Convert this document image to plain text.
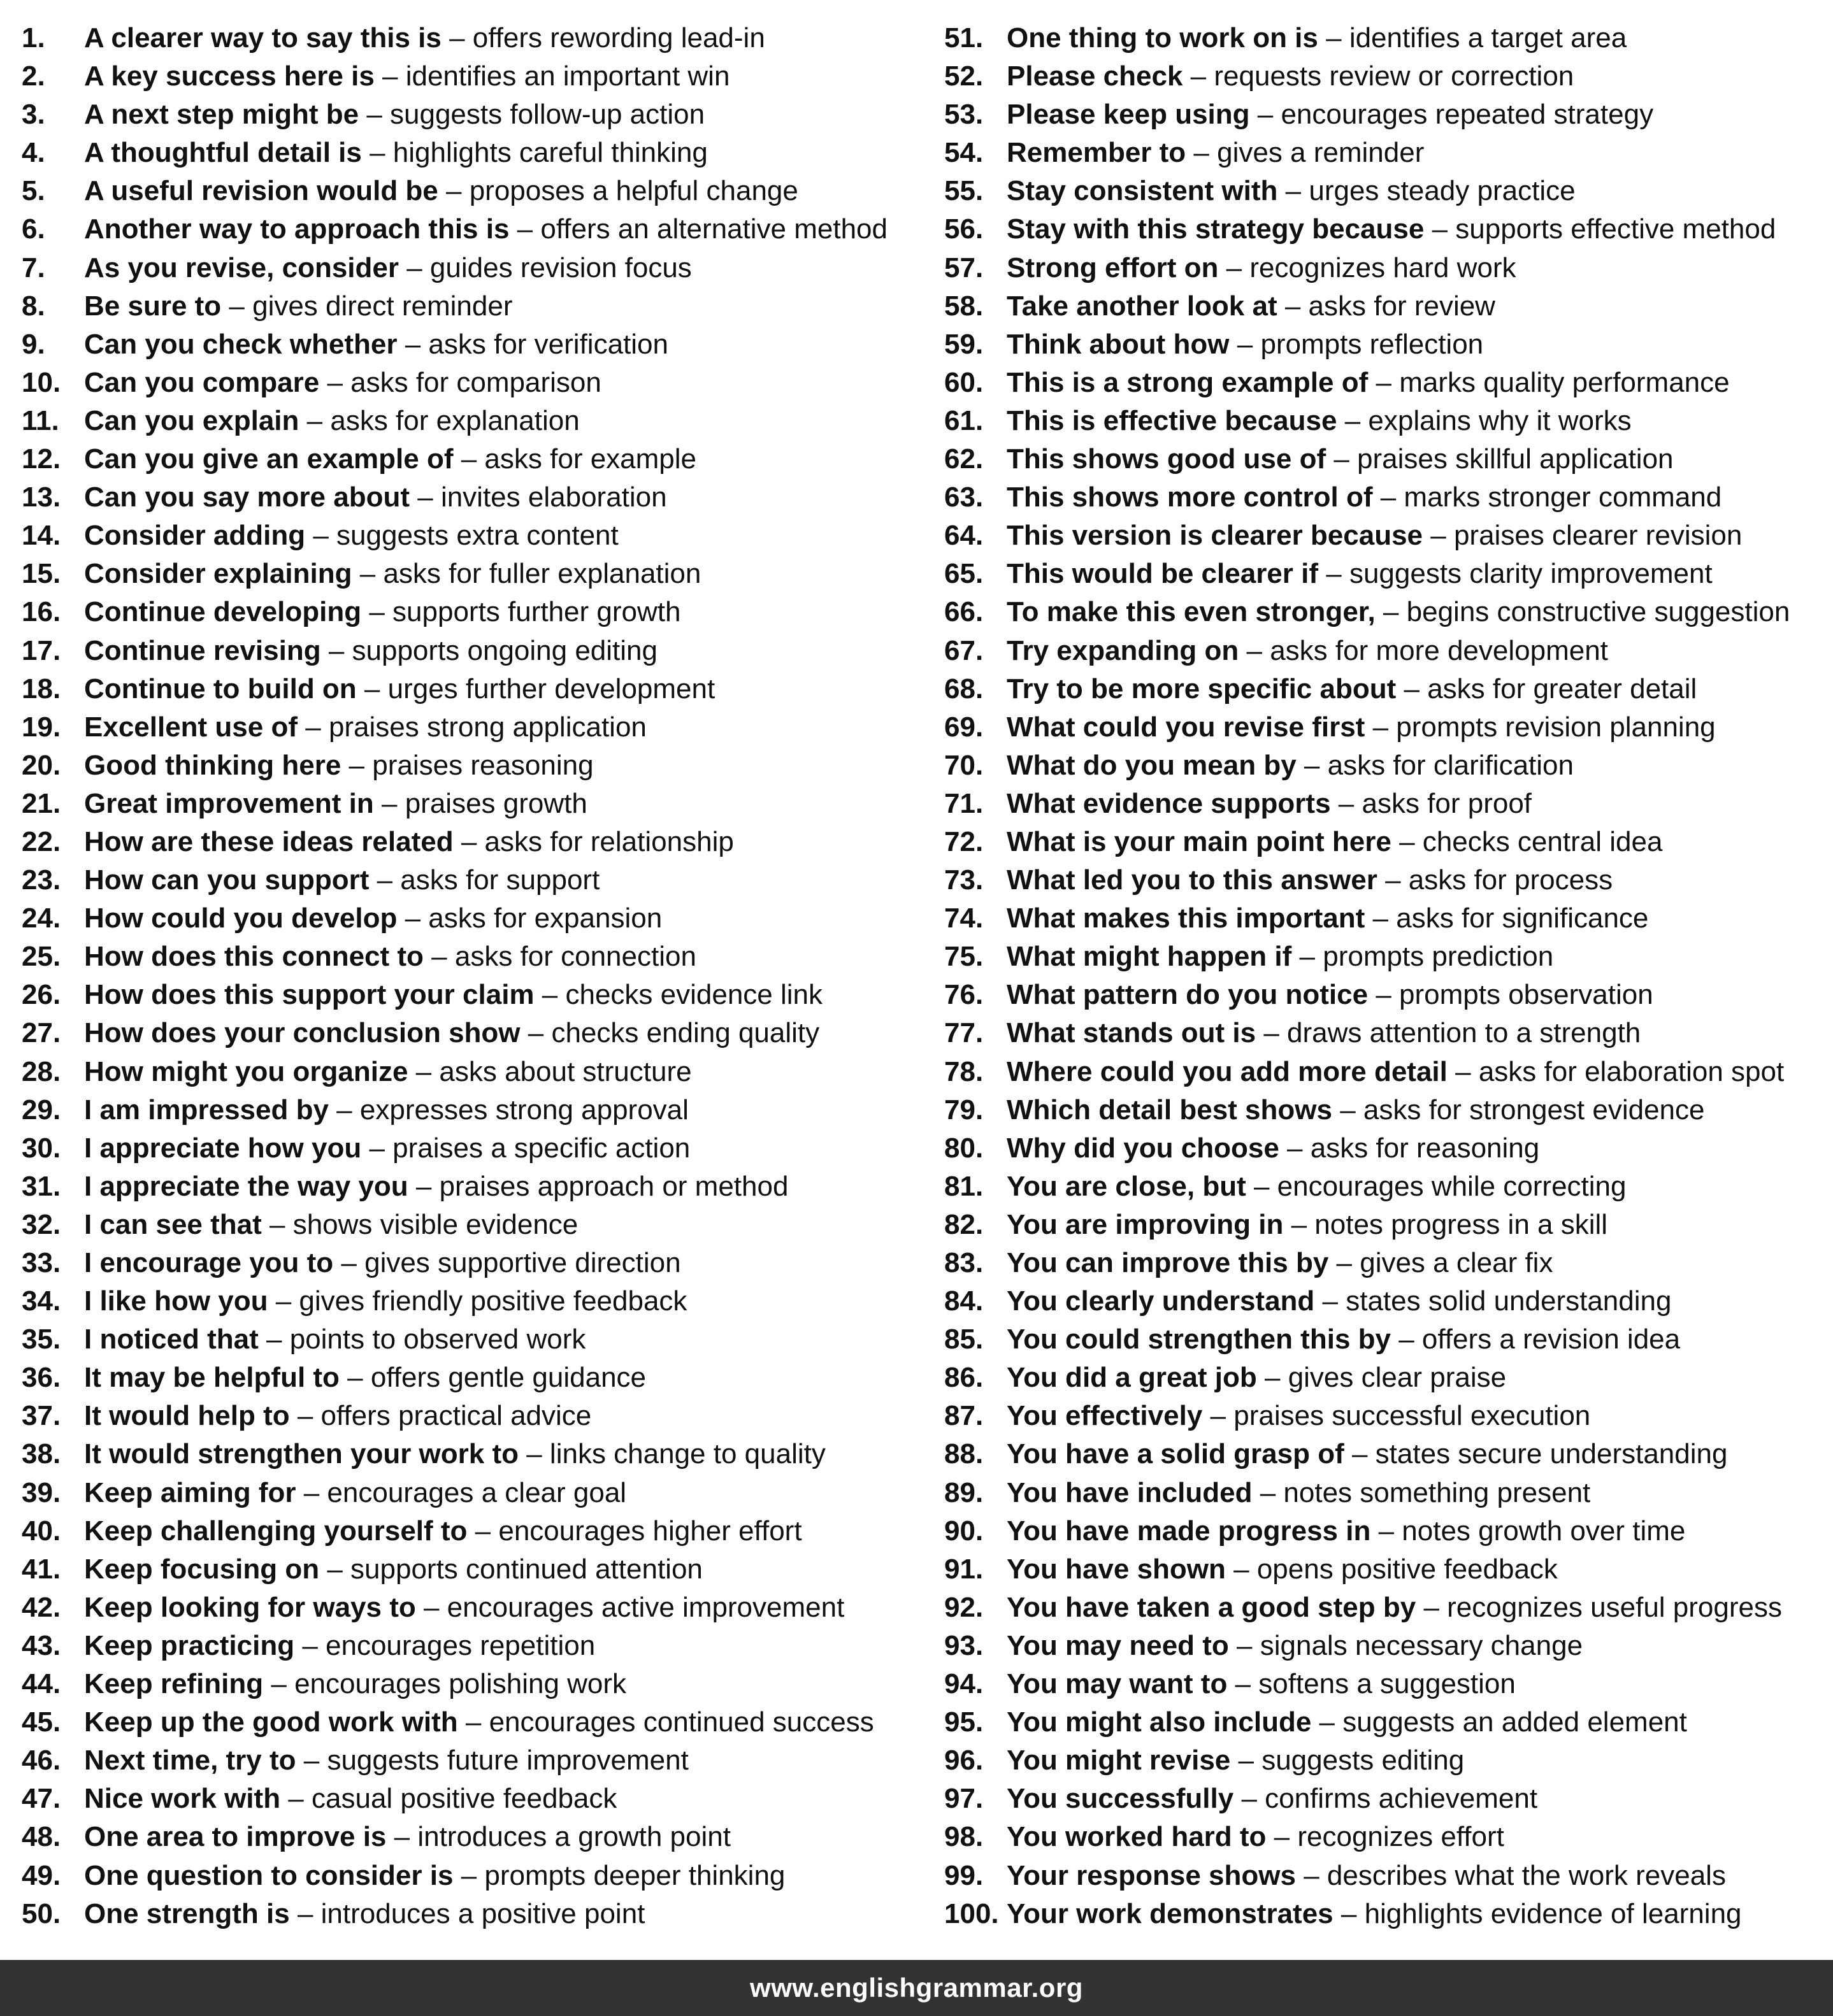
1. A clearer way to say this is – offers rewording lead-in
2. A key success here is – identifies an important win
3. A next step might be – suggests follow-up action
4. A thoughtful detail is – highlights careful thinking
5. A useful revision would be – proposes a helpful change
6. Another way to approach this is – offers an alternative method
7. As you revise, consider – guides revision focus
8. Be sure to – gives direct reminder
9. Can you check whether – asks for verification
10. Can you compare – asks for comparison
11. Can you explain – asks for explanation
12. Can you give an example of – asks for example
13. Can you say more about – invites elaboration
14. Consider adding – suggests extra content
15. Consider explaining – asks for fuller explanation
16. Continue developing – supports further growth
17. Continue revising – supports ongoing editing
18. Continue to build on – urges further development
19. Excellent use of – praises strong application
20. Good thinking here – praises reasoning
21. Great improvement in – praises growth
22. How are these ideas related – asks for relationship
23. How can you support – asks for support
24. How could you develop – asks for expansion
25. How does this connect to – asks for connection
26. How does this support your claim – checks evidence link
27. How does your conclusion show – checks ending quality
28. How might you organize – asks about structure
29. I am impressed by – expresses strong approval
30. I appreciate how you – praises a specific action
31. I appreciate the way you – praises approach or method
32. I can see that – shows visible evidence
33. I encourage you to – gives supportive direction
34. I like how you – gives friendly positive feedback
35. I noticed that – points to observed work
36. It may be helpful to – offers gentle guidance
37. It would help to – offers practical advice
38. It would strengthen your work to – links change to quality
39. Keep aiming for – encourages a clear goal
40. Keep challenging yourself to – encourages higher effort
41. Keep focusing on – supports continued attention
42. Keep looking for ways to – encourages active improvement
43. Keep practicing – encourages repetition
44. Keep refining – encourages polishing work
45. Keep up the good work with – encourages continued success
46. Next time, try to – suggests future improvement
47. Nice work with – casual positive feedback
48. One area to improve is – introduces a growth point
49. One question to consider is – prompts deeper thinking
50. One strength is – introduces a positive point
51. One thing to work on is – identifies a target area
52. Please check – requests review or correction
53. Please keep using – encourages repeated strategy
54. Remember to – gives a reminder
55. Stay consistent with – urges steady practice
56. Stay with this strategy because – supports effective method
57. Strong effort on – recognizes hard work
58. Take another look at – asks for review
59. Think about how – prompts reflection
60. This is a strong example of – marks quality performance
61. This is effective because – explains why it works
62. This shows good use of – praises skillful application
63. This shows more control of – marks stronger command
64. This version is clearer because – praises clearer revision
65. This would be clearer if – suggests clarity improvement
66. To make this even stronger, – begins constructive suggestion
67. Try expanding on – asks for more development
68. Try to be more specific about – asks for greater detail
69. What could you revise first – prompts revision planning
70. What do you mean by – asks for clarification
71. What evidence supports – asks for proof
72. What is your main point here – checks central idea
73. What led you to this answer – asks for process
74. What makes this important – asks for significance
75. What might happen if – prompts prediction
76. What pattern do you notice – prompts observation
77. What stands out is – draws attention to a strength
78. Where could you add more detail – asks for elaboration spot
79. Which detail best shows – asks for strongest evidence
80. Why did you choose – asks for reasoning
81. You are close, but – encourages while correcting
82. You are improving in – notes progress in a skill
83. You can improve this by – gives a clear fix
84. You clearly understand – states solid understanding
85. You could strengthen this by – offers a revision idea
86. You did a great job – gives clear praise
87. You effectively – praises successful execution
88. You have a solid grasp of – states secure understanding
89. You have included – notes something present
90. You have made progress in – notes growth over time
91. You have shown – opens positive feedback
92. You have taken a good step by – recognizes useful progress
93. You may need to – signals necessary change
94. You may want to – softens a suggestion
95. You might also include – suggests an added element
96. You might revise – suggests editing
97. You successfully – confirms achievement
98. You worked hard to – recognizes effort
99. Your response shows – describes what the work reveals
100. Your work demonstrates – highlights evidence of learning
www.englishgrammar.org
